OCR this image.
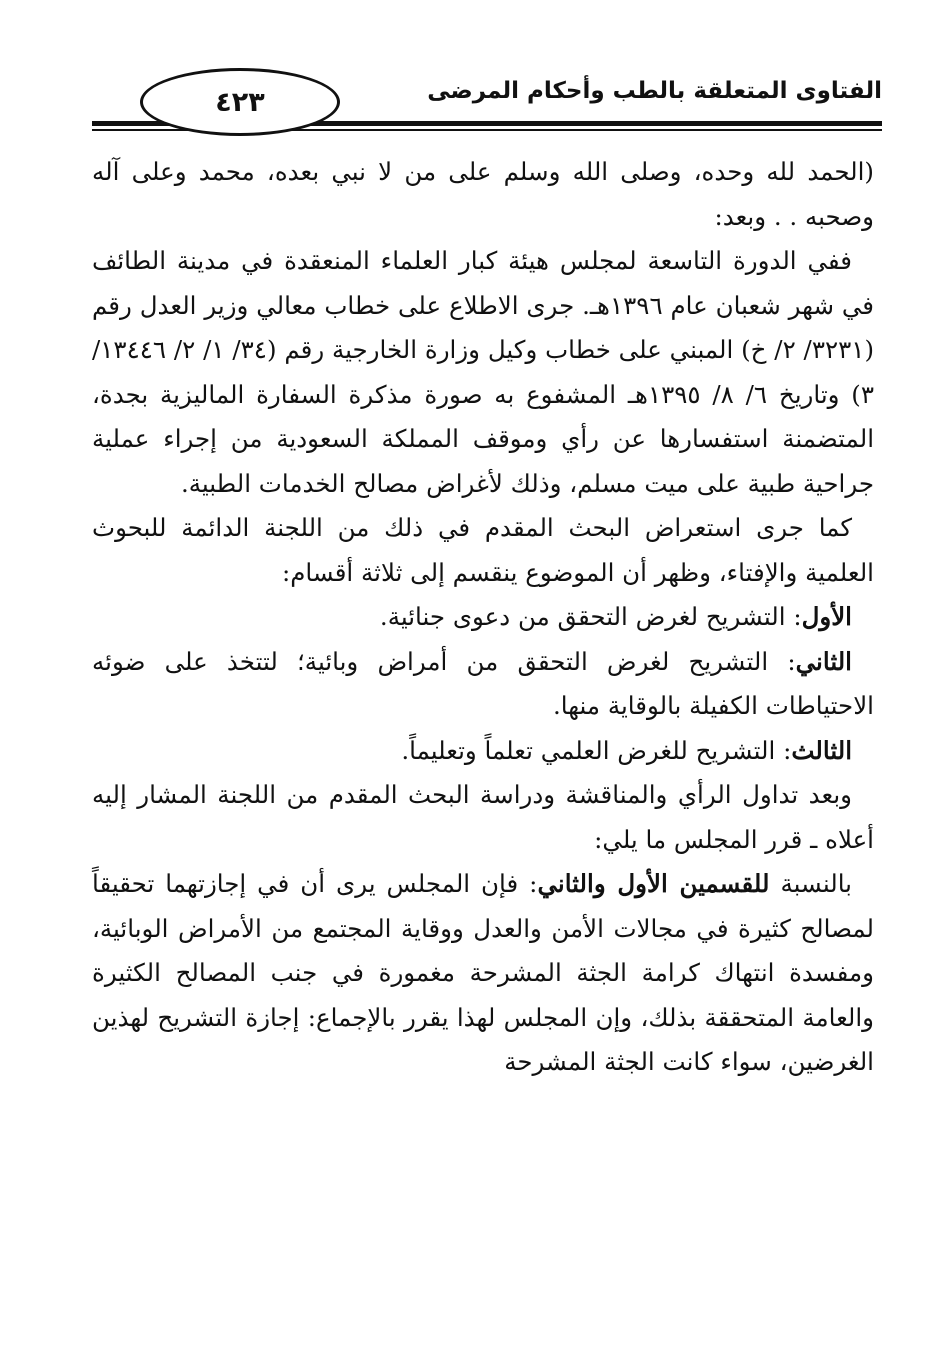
٤٢٣	الفتاوى المتعلقة بالطب وأحكام المرضى

(الحمد لله وحده، وصلى الله وسلم على من لا نبي بعده، محمد وعلى آله وصحبه . . وبعد:

ففي الدورة التاسعة لمجلس هيئة كبار العلماء المنعقدة في مدينة الطائف في شهر شعبان عام ١٣٩٦هـ. جرى الاطلاع على خطاب معالي وزير العدل رقم (٣٢٣١/ ٢/ خ) المبني على خطاب وكيل وزارة الخارجية رقم (٣٤/ ١/ ٢/ ١٣٤٤٦/ ٣) وتاريخ ٦/ ٨/ ١٣٩٥هـ المشفوع به صورة مذكرة السفارة الماليزية بجدة، المتضمنة استفسارها عن رأي وموقف المملكة السعودية من إجراء عملية جراحية طبية على ميت مسلم، وذلك لأغراض مصالح الخدمات الطبية.

كما جرى استعراض البحث المقدم في ذلك من اللجنة الدائمة للبحوث العلمية والإفتاء، وظهر أن الموضوع ينقسم إلى ثلاثة أقسام:

الأول: التشريح لغرض التحقق من دعوى جنائية.

الثاني: التشريح لغرض التحقق من أمراض وبائية؛ لتتخذ على ضوئه الاحتياطات الكفيلة بالوقاية منها.

الثالث: التشريح للغرض العلمي تعلماً وتعليماً.

وبعد تداول الرأي والمناقشة ودراسة البحث المقدم من اللجنة المشار إليه أعلاه ـ قرر المجلس ما يلي:

بالنسبة للقسمين الأول والثاني: فإن المجلس يرى أن في إجازتهما تحقيقاً لمصالح كثيرة في مجالات الأمن والعدل ووقاية المجتمع من الأمراض الوبائية، ومفسدة انتهاك كرامة الجثة المشرحة مغمورة في جنب المصالح الكثيرة والعامة المتحققة بذلك، وإن المجلس لهذا يقرر بالإجماع: إجازة التشريح لهذين الغرضين، سواء كانت الجثة المشرحة
